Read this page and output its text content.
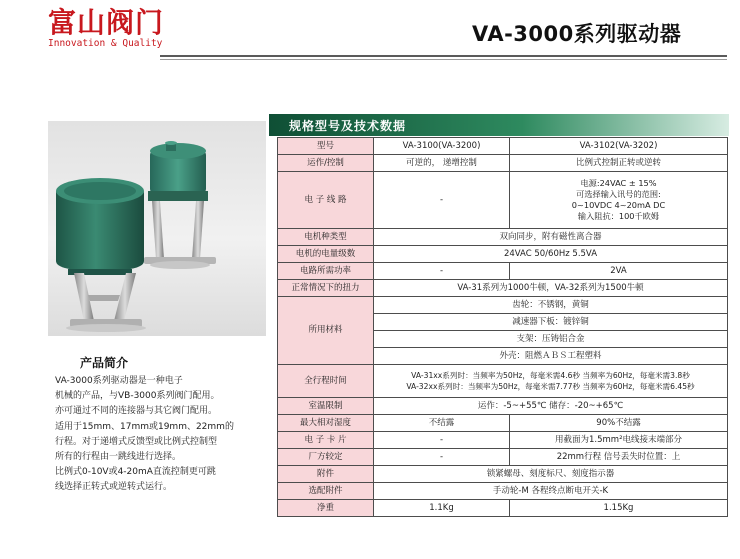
富山阀门
Innovation & Quality	VA-3000系列驱动器
产品简介

VA-3000系列驱动器是一种电子

机械的产品，与VB-3000系列阀门配用。

亦可通过不同的连接器与其它阀门配用。

适用于15mm、17mm或19mm、22mm的

行程。对于递增式反馈型或比例式控制型

所有的行程由一跳线进行选择。

比例式0-10V或4-20mA直流控制更可跳

线选择正转式或逆转式运行。

规格型号及技术数据
型号	VA-3100(VA-3200)	VA-3102(VA-3202)
运作/控制	可逆的， 递增控制	比例式控制正转或逆转
电 子 线 路	-	电源:24VAC ± 15%
可选择输入讯号的范围:
0~10VDC 4~20mA DC
输入阻抗：100千欧姆

电机种类型	双向同步，附有磁性离合器	
电机的电量级数	24VAC 50/60Hz 5.5VA	
电路所需功率	-	2VA
正常情况下的扭力	VA-31系列为1000牛顿，VA-32系列为1500牛顿	
所用材料	齿轮：不锈钢，黄铜	
	减速器下板：镀锌铜	
	支架：压铸铝合金	
	外壳：阻燃ＡＢＳ工程塑料	
全行程时间	VA-31xx系列时：当频率为50Hz，每毫米需4.6秒 当频率为60Hz，每毫米需3.8秒
VA-32xx系列时：当频率为50Hz，每毫米需7.77秒 当频率为60Hz，每毫米需6.45秒	

室温限制	运作：-5~+55℃ 储存：-20~+65℃	
最大相对湿度	不结露	90%不结露
电 子 卡 片	-	用截面为1.5mm²电线接末端部分
厂方较定	-	22mm行程 信号丢失时位置：上
附件	锁紧螺母、刻度标尺、刻度指示器	
选配附件	手动轮-M 各程终点断电开关-K	
净重	1.1Kg	1.15Kg
